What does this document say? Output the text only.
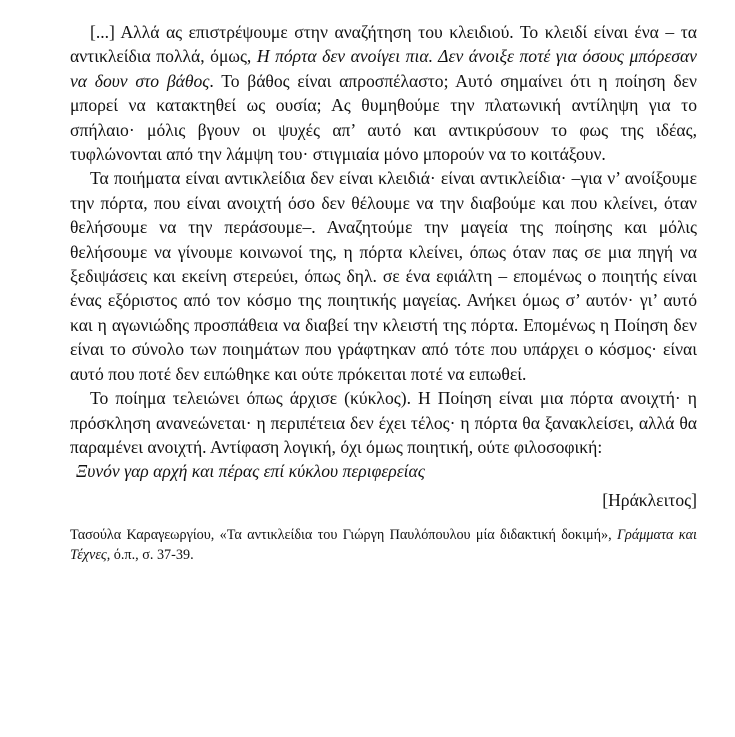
[...] Αλλά ας επιστρέψουμε στην αναζήτηση του κλειδιού. Το κλειδί είναι ένα – τα αντικλείδια πολλά, όμως, Η πόρτα δεν ανοίγει πια. Δεν άνοιξε ποτέ για όσους μπόρεσαν να δουν στο βάθος. Το βάθος είναι απροσπέλαστο; Αυτό σημαίνει ότι η ποίηση δεν μπορεί να κατακτηθεί ως ουσία; Ας θυμηθούμε την πλατωνική αντίληψη για το σπήλαιο· μόλις βγουν οι ψυχές απ’ αυτό και αντικρύσουν το φως της ιδέας, τυφλώνονται από την λάμψη του· στιγμιαία μόνο μπορούν να το κοιτάξουν.

Τα ποιήματα είναι αντικλείδια δεν είναι κλειδιά· είναι αντικλείδια· –για ν’ ανοίξουμε την πόρτα, που είναι ανοιχτή όσο δεν θέλουμε να την διαβούμε και που κλείνει, όταν θελήσουμε να την περάσουμε–. Αναζητούμε την μαγεία της ποίησης και μόλις θελήσουμε να γίνουμε κοινωνοί της, η πόρτα κλείνει, όπως όταν πας σε μια πηγή να ξεδιψάσεις και εκείνη στερεύει, όπως δηλ. σε ένα εφιάλτη – επομένως ο ποιητής είναι ένας εξόριστος από τον κόσμο της ποιητικής μαγείας. Ανήκει όμως σ’ αυτόν· γι’ αυτό και η αγωνιώδης προσπάθεια να διαβεί την κλειστή της πόρτα. Επομένως η Ποίηση δεν είναι το σύνολο των ποιημάτων που γράφτηκαν από τότε που υπάρχει ο κόσμος· είναι αυτό που ποτέ δεν ειπώθηκε και ούτε πρόκειται ποτέ να ειπωθεί.

Το ποίημα τελειώνει όπως άρχισε (κύκλος). Η Ποίηση είναι μια πόρτα ανοιχτή· η πρόσκληση ανανεώνεται· η περιπέτεια δεν έχει τέλος· η πόρτα θα ξανακλείσει, αλλά θα παραμένει ανοιχτή. Αντίφαση λογική, όχι όμως ποιητική, ούτε φιλοσοφική:

Ξυνόν γαρ αρχή και πέρας επί κύκλου περιφερείας

[Ηράκλειτος]

Τασούλα Καραγεωργίου, «Τα αντικλείδια του Γιώργη Παυλόπουλου μία διδακτική δοκιμή», Γράμματα και Τέχνες, ό.π., σ. 37-39.
